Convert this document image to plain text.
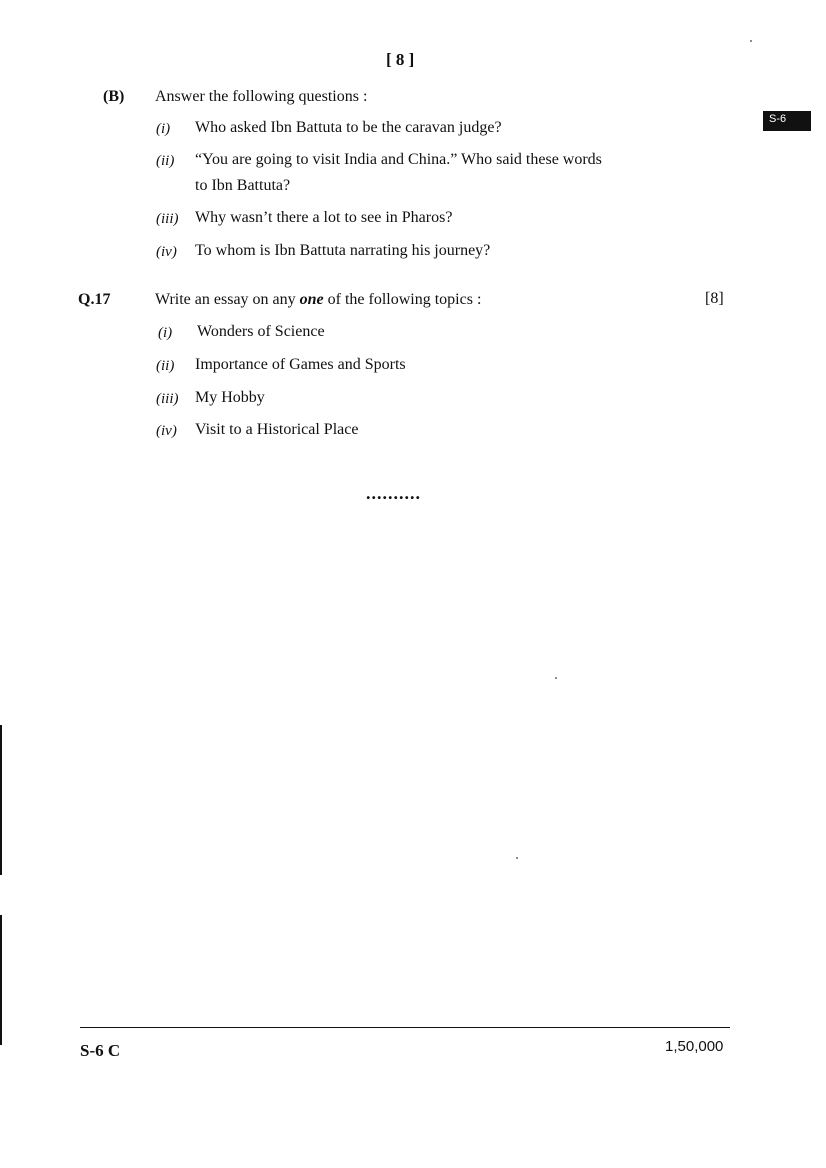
[ 8 ]
S-6
(B) Answer the following questions :
(i) Who asked Ibn Battuta to be the caravan judge?
(ii) “You are going to visit India and China.” Who said these words
to Ibn Battuta?
(iii) Why wasn’t there a lot to see in Pharos?
(iv) To whom is Ibn Battuta narrating his journey?
Q.17	Write an essay on any one of the following topics :	[8]
(i) Wonders of Science
(ii) Importance of Games and Sports
(iii) My Hobby
(iv) Visit to a Historical Place
..........
S-6 C	1,50,000
